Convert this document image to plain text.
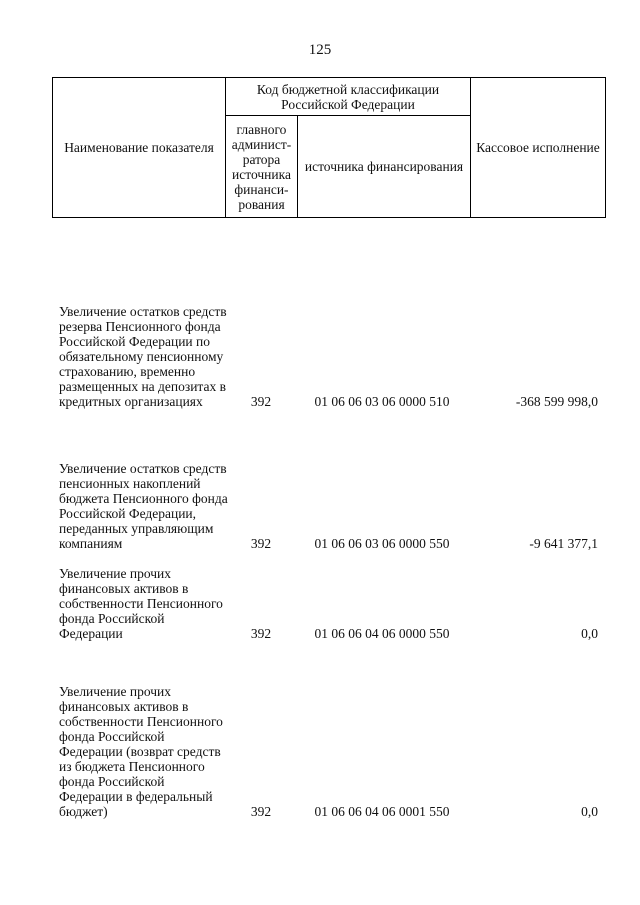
125
Наименование показателя	Код бюджетной классификации Российской Федерации		Кассовое исполнение
	главного админист-ратора источника финанси-рования	источника финансирования	
Увеличение остатков средств резерва Пенсионного фонда Российской Федерации по обязательному пенсионному страхованию, временно размещенных на депозитах в кредитных организациях	392	01 06 06 03 06 0000 510	-368 599 998,0
Увеличение остатков средств пенсионных накоплений бюджета Пенсионного фонда Российской Федерации, переданных управляющим компаниям	392	01 06 06 03 06 0000 550	-9 641 377,1
Увеличение прочих финансовых активов в собственности Пенсионного фонда Российской Федерации	392	01 06 06 04 06 0000 550	0,0
Увеличение прочих финансовых активов в собственности Пенсионного фонда Российской Федерации (возврат средств из бюджета Пенсионного фонда Российской Федерации в федеральный бюджет)	392	01 06 06 04 06 0001 550	0,0
